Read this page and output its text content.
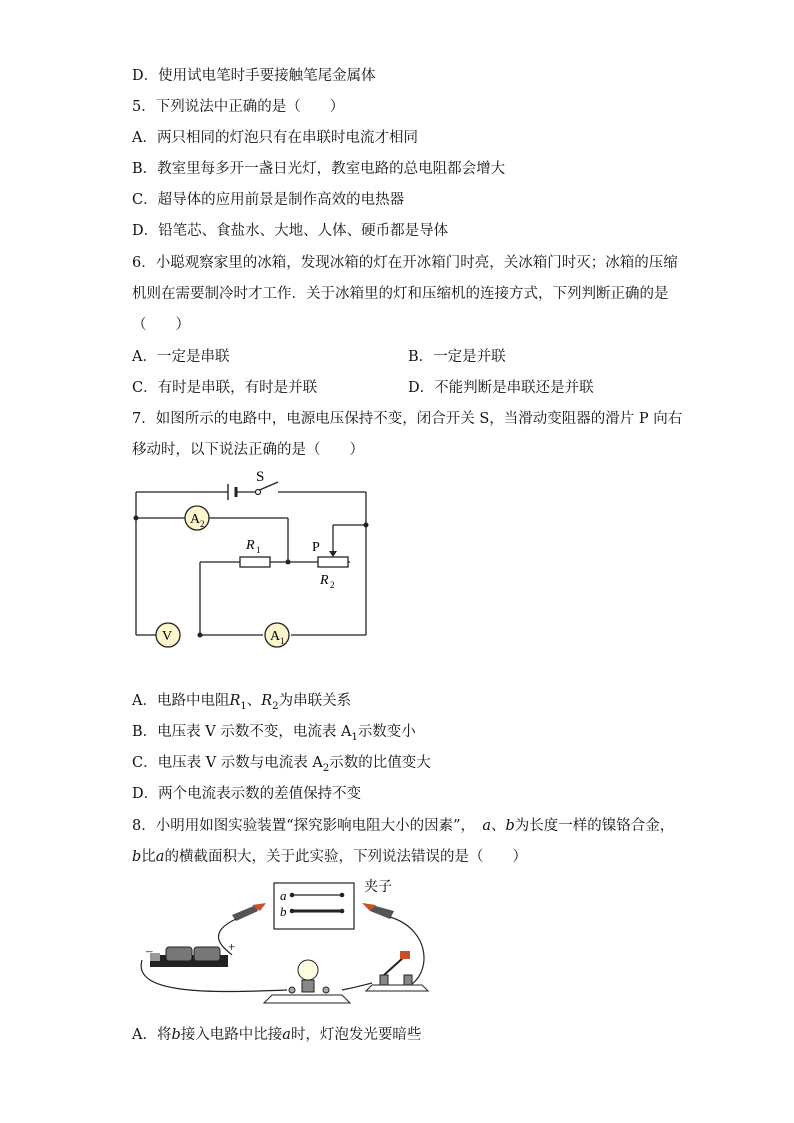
D．使用试电笔时手要接触笔尾金属体
5．下列说法中正确的是（　　）
A．两只相同的灯泡只有在串联时电流才相同
B．教室里每多开一盏日光灯，教室电路的总电阻都会增大
C．超导体的应用前景是制作高效的电热器
D．铅笔芯、食盐水、大地、人体、硬币都是导体
6．小聪观察家里的冰箱，发现冰箱的灯在开冰箱门时亮，关冰箱门时灭；冰箱的压缩
机则在需要制冷时才工作．关于冰箱里的灯和压缩机的连接方式，下列判断正确的是
（　　）
A．一定是串联	B．一定是并联
C．有时是串联，有时是并联	D．不能判断是串联还是并联
7．如图所示的电路中，电源电压保持不变，闭合开关 S，当滑动变阻器的滑片 P 向右
移动时，以下说法正确的是（　　）
S
A 2
A 1
V
R 1	P
R 2
A．电路中电阻$R_1$、$R_2$为串联关系
B．电压表 V 示数不变，电流表 $A_1$示数变小
C．电压表 V 示数与电流表 $A_2$示数的比值变大
D．两个电流表示数的差值保持不变
8．小明用如图实验装置“探究影响电阻大小的因素”，　 a、b为长度一样的镍铬合金，
b比a的横截面积大，关于此实验，下列说法错误的是（　　）
a
b
夹子
–	+
A．将b接入电路中比接a时，灯泡发光要暗些
